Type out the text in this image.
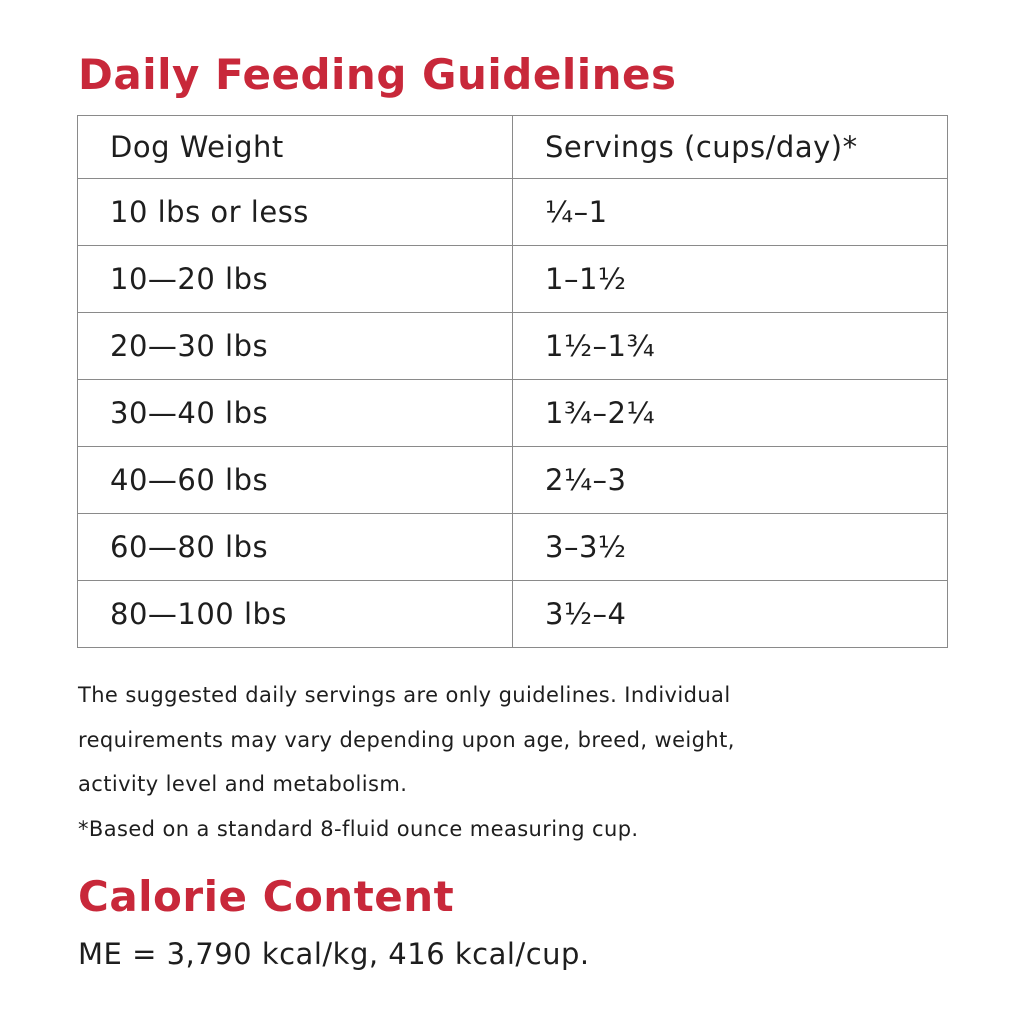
Daily Feeding Guidelines
Dog Weight	Servings (cups/day)*
10 lbs or less	¼–1
10—20 lbs	1–1½
20—30 lbs	1½–1¾
30—40 lbs	1¾–2¼
40—60 lbs	2¼–3
60—80 lbs	3–3½
80—100 lbs	3½–4

The suggested daily servings are only guidelines. Individual
requirements may vary depending upon age, breed, weight,
activity level and metabolism.
*Based on a standard 8-fluid ounce measuring cup.

Calorie Content

ME = 3,790 kcal/kg, 416 kcal/cup.
